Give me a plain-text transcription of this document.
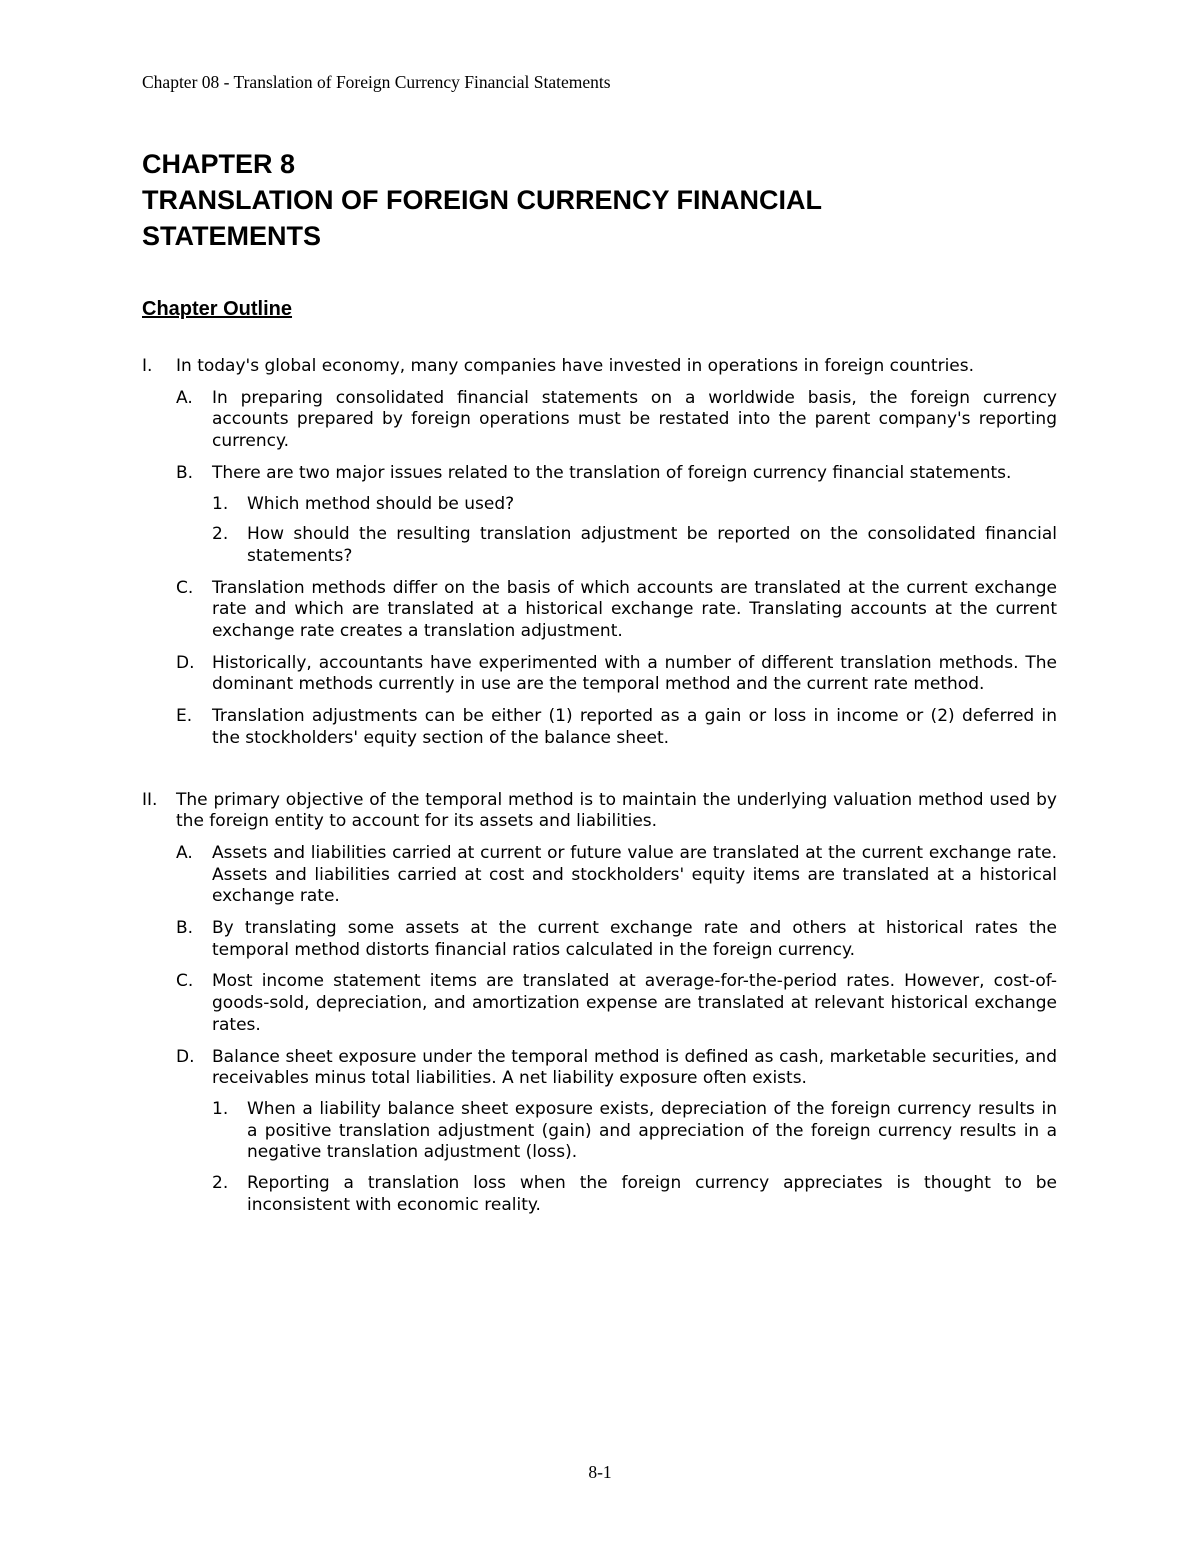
Chapter 08 - Translation of Foreign Currency Financial Statements
CHAPTER 8
TRANSLATION OF FOREIGN CURRENCY FINANCIAL
STATEMENTS
Chapter Outline
I. In today's global economy, many companies have invested in operations in foreign countries.
A. In preparing consolidated financial statements on a worldwide basis, the foreign currency accounts prepared by foreign operations must be restated into the parent company's reporting currency.
B. There are two major issues related to the translation of foreign currency financial statements.
1. Which method should be used?
2. How should the resulting translation adjustment be reported on the consolidated financial statements?
C. Translation methods differ on the basis of which accounts are translated at the current exchange rate and which are translated at a historical exchange rate. Translating accounts at the current exchange rate creates a translation adjustment.
D. Historically, accountants have experimented with a number of different translation methods. The dominant methods currently in use are the temporal method and the current rate method.
E. Translation adjustments can be either (1) reported as a gain or loss in income or (2) deferred in the stockholders' equity section of the balance sheet.
II. The primary objective of the temporal method is to maintain the underlying valuation method used by the foreign entity to account for its assets and liabilities.
A. Assets and liabilities carried at current or future value are translated at the current exchange rate. Assets and liabilities carried at cost and stockholders' equity items are translated at a historical exchange rate.
B. By translating some assets at the current exchange rate and others at historical rates the temporal method distorts financial ratios calculated in the foreign currency.
C. Most income statement items are translated at average-for-the-period rates. However, cost-of-goods-sold, depreciation, and amortization expense are translated at relevant historical exchange rates.
D. Balance sheet exposure under the temporal method is defined as cash, marketable securities, and receivables minus total liabilities. A net liability exposure often exists.
1. When a liability balance sheet exposure exists, depreciation of the foreign currency results in a positive translation adjustment (gain) and appreciation of the foreign currency results in a negative translation adjustment (loss).
2. Reporting a translation loss when the foreign currency appreciates is thought to be inconsistent with economic reality.
8-1
